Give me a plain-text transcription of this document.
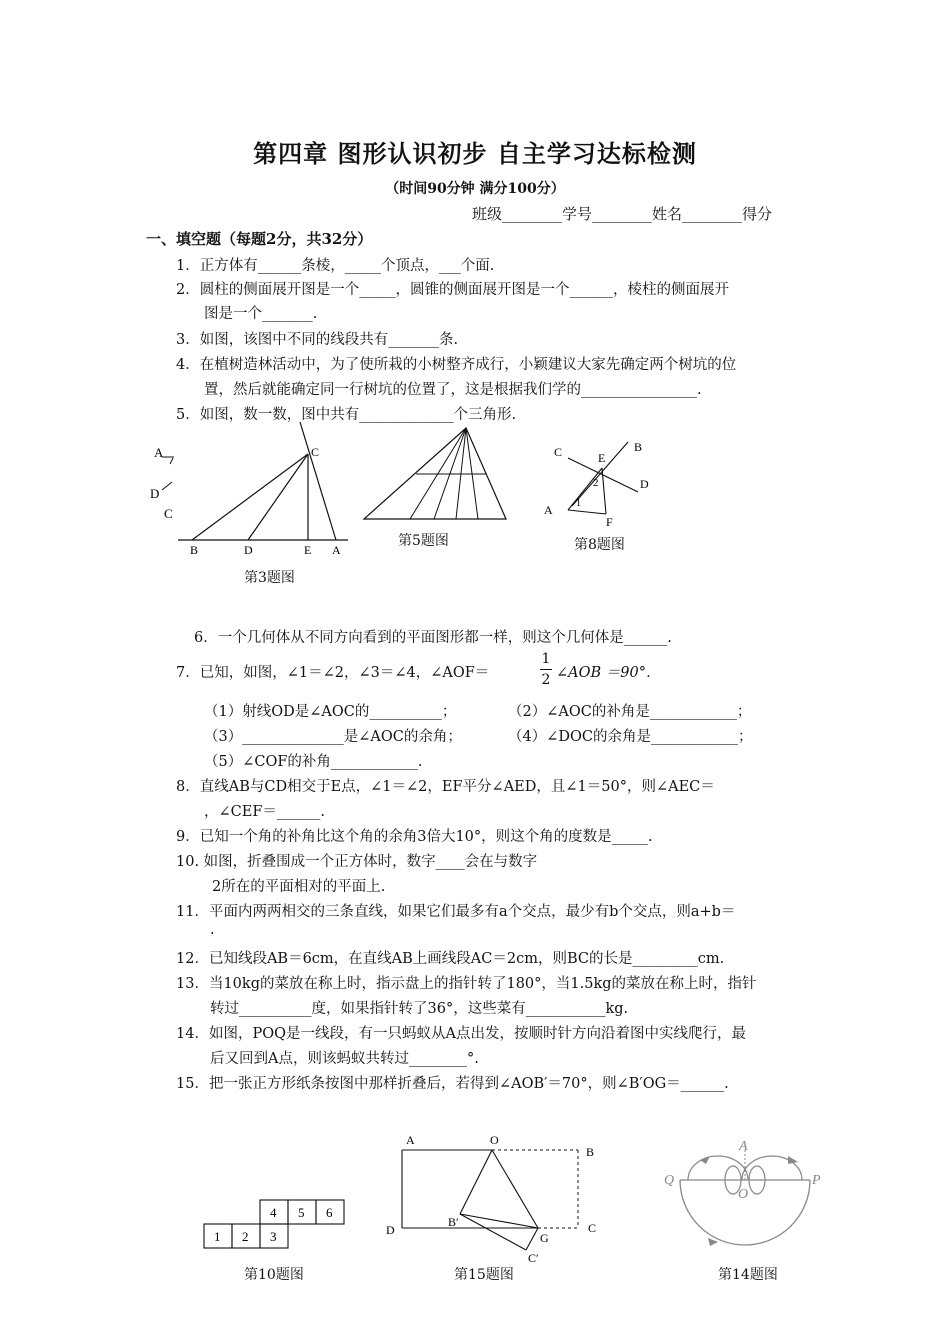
第四章 图形认识初步 自主学习达标检测
（时间90分钟 满分100分）
班级________学号________姓名________得分
一、填空题（每题2分，共32分）
1．正方体有______条棱，_____个顶点，___个面.
2．圆柱的侧面展开图是一个_____，圆锥的侧面展开图是一个______，棱柱的侧面展开
图是一个_______.
3．如图，该图中不同的线段共有_______条.
4．在植树造林活动中，为了使所栽的小树整齐成行，小颖建议大家先确定两个树坑的位
置，然后就能确定同一行树坑的位置了，这是根据我们学的________________.
5．如图，数一数，图中共有_____________个三角形.
A
D
C
B	D	E A
C
第3题图
第5题图
C	E
B
2	D
A 1
F
第8题图
6．一个几何体从不同方向看到的平面图形都一样，则这个几何体是______.
7．已知，如图，∠1＝∠2，∠3＝∠4，∠AOF＝
1
2 ∠AOB ＝90°．
（1）射线OD是∠AOC的__________；	（2）∠AOC的补角是____________；
（3）______________是∠AOC的余角；	（4）∠DOC的余角是____________；
（5）∠COF的补角____________.
8．直线AB与CD相交于E点，∠1＝∠2，EF平分∠AED，且∠1＝50°，则∠AEC＝
，∠CEF＝______.
9．已知一个角的补角比这个角的余角3倍大10°，则这个角的度数是_____.
10. 如图，折叠围成一个正方体时，数字____会在与数字
2所在的平面相对的平面上.
11．平面内两两相交的三条直线，如果它们最多有a个交点，最少有b个交点，则a+b＝
.
12．已知线段AB＝6cm，在直线AB上画线段AC＝2cm，则BC的长是_________cm.
13．当10kg的菜放在称上时，指示盘上的指针转了180°，当1.5kg的菜放在称上时，指针
转过__________度，如果指针转了36°，这些菜有___________kg.
14．如图，POQ是一线段，有一只蚂蚁从A点出发，按顺时针方向沿着图中实线爬行，最
后又回到A点，则该蚂蚁共转过________°.
15．把一张正方形纸条按图中那样折叠后，若得到∠AOB′＝70°，则∠B′OG＝______.
4 5 6
1 2 3
第10题图
A	O
B
D	C
B′
G
C′
第15题图
A
Q
O
P
第14题图
